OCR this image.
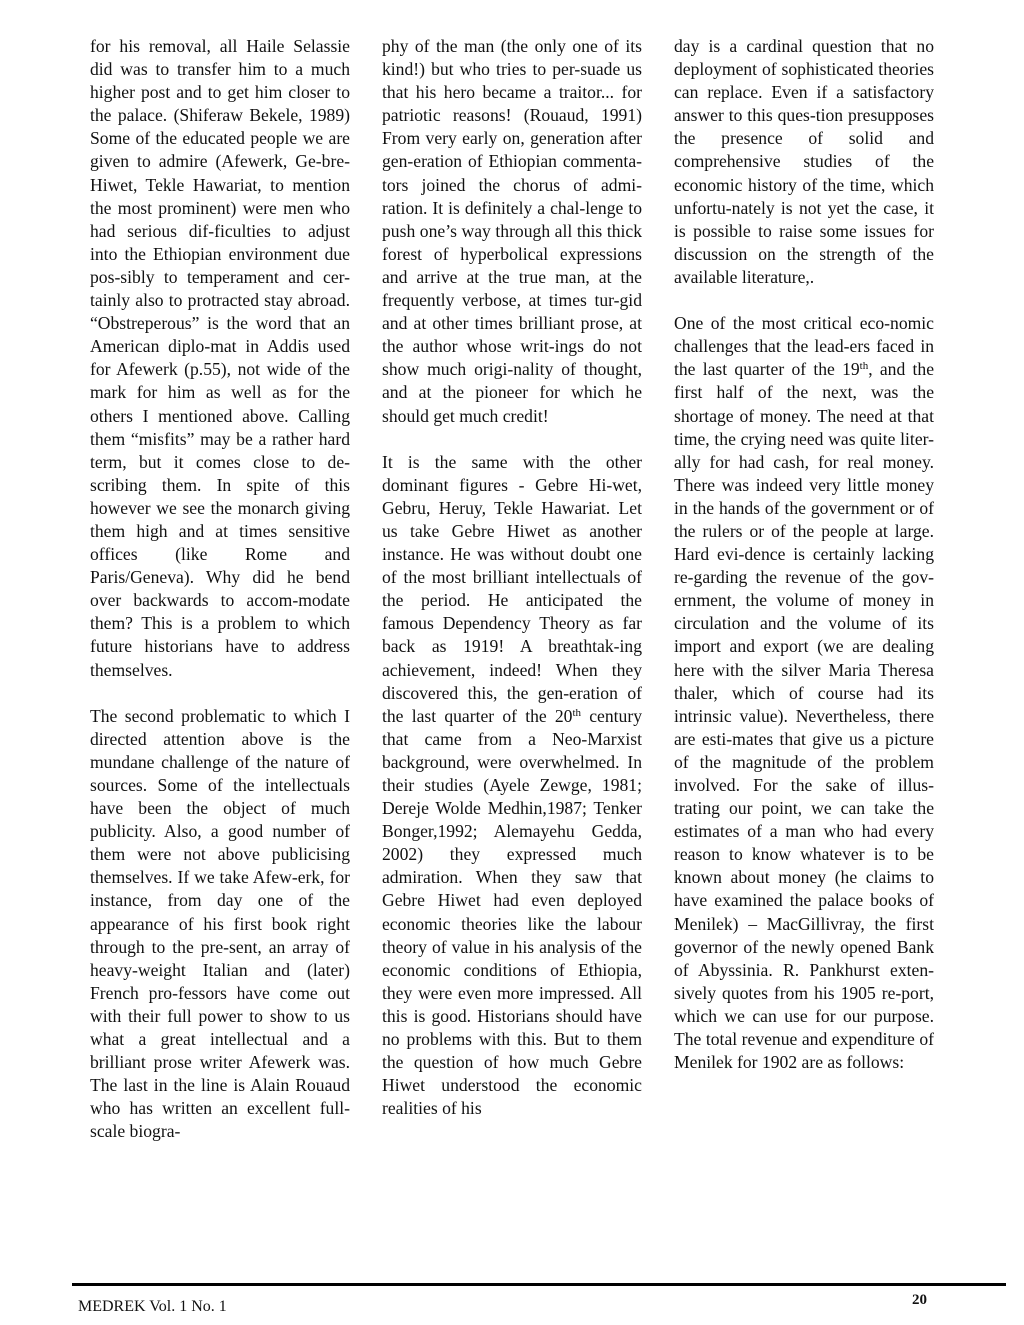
for his removal, all Haile Selassie did was to transfer him to a much higher post and to get him closer to the palace. (Shiferaw Bekele, 1989) Some of the educated people we are given to admire (Afewerk, Ge-bre-Hiwet, Tekle Hawariat, to mention the most prominent) were men who had serious dif-ficulties to adjust into the Ethiopian environment due pos-sibly to temperament and cer-tainly also to protracted stay abroad. “Obstreperous” is the word that an American diplo-mat in Addis used for Afewerk (p.55), not wide of the mark for him as well as for the others I mentioned above. Calling them “misfits” may be a rather hard term, but it comes close to de-scribing them. In spite of this however we see the monarch giving them high and at times sensitive offices (like Rome and Paris/Geneva). Why did he bend over backwards to accom-modate them? This is a problem to which future historians have to address themselves.

The second problematic to which I directed attention above is the mundane challenge of the nature of sources. Some of the intellectuals have been the object of much publicity. Also, a good number of them were not above publicising themselves. If we take Afew-erk, for instance, from day one of the appearance of his first book right through to the pre-sent, an array of heavy-weight Italian and (later) French pro-fessors have come out with their full power to show to us what a great intellectual and a brilliant prose writer Afewerk was. The last in the line is Alain Rouaud who has written an excellent full-scale biogra-

phy of the man (the only one of its kind!) but who tries to per-suade us that his hero became a traitor... for patriotic reasons! (Rouaud, 1991) From very early on, generation after gen-eration of Ethiopian commenta-tors joined the chorus of admi-ration. It is definitely a chal-lenge to push one’s way through all this thick forest of hyperbolical expressions and arrive at the true man, at the frequently verbose, at times tur-gid and at other times brilliant prose, at the author whose writ-ings do not show much origi-nality of thought, and at the pioneer for which he should get much credit!

It is the same with the other dominant figures - Gebre Hi-wet, Gebru, Heruy, Tekle Hawariat. Let us take Gebre Hiwet as another instance. He was without doubt one of the most brilliant intellectuals of the period. He anticipated the famous Dependency Theory as far back as 1919! A breathtak-ing achievement, indeed! When they discovered this, the gen-eration of the last quarter of the 20th century that came from a Neo-Marxist background, were overwhelmed. In their studies (Ayele Zewge, 1981; Dereje Wolde Medhin,1987; Tenker Bonger,1992; Alemayehu Gedda, 2002) they expressed much admiration. When they saw that Gebre Hiwet had even deployed economic theories like the labour theory of value in his analysis of the economic conditions of Ethiopia, they were even more impressed. All this is good. Historians should have no problems with this. But to them the question of how much Gebre Hiwet understood the economic realities of his

day is a cardinal question that no deployment of sophisticated theories can replace. Even if a satisfactory answer to this ques-tion presupposes the presence of solid and comprehensive studies of the economic history of the time, which unfortu-nately is not yet the case, it is possible to raise some issues for discussion on the strength of the available literature,.

One of the most critical eco-nomic challenges that the lead-ers faced in the last quarter of the 19th, and the first half of the next, was the shortage of money. The need at that time, the crying need was quite liter-ally for had cash, for real money. There was indeed very little money in the hands of the government or of the rulers or of the people at large. Hard evi-dence is certainly lacking re-garding the revenue of the gov-ernment, the volume of money in circulation and the volume of its import and export (we are dealing here with the silver Maria Theresa thaler, which of course had its intrinsic value). Nevertheless, there are esti-mates that give us a picture of the magnitude of the problem involved. For the sake of illus-trating our point, we can take the estimates of a man who had every reason to know whatever is to be known about money (he claims to have examined the palace books of Menilek) – MacGillivray, the first governor of the newly opened Bank of Abyssinia. R. Pankhurst exten-sively quotes from his 1905 re-port, which we can use for our purpose. The total revenue and expenditure of Menilek for 1902 are as follows:

MEDREK Vol. 1 No. 1	20
